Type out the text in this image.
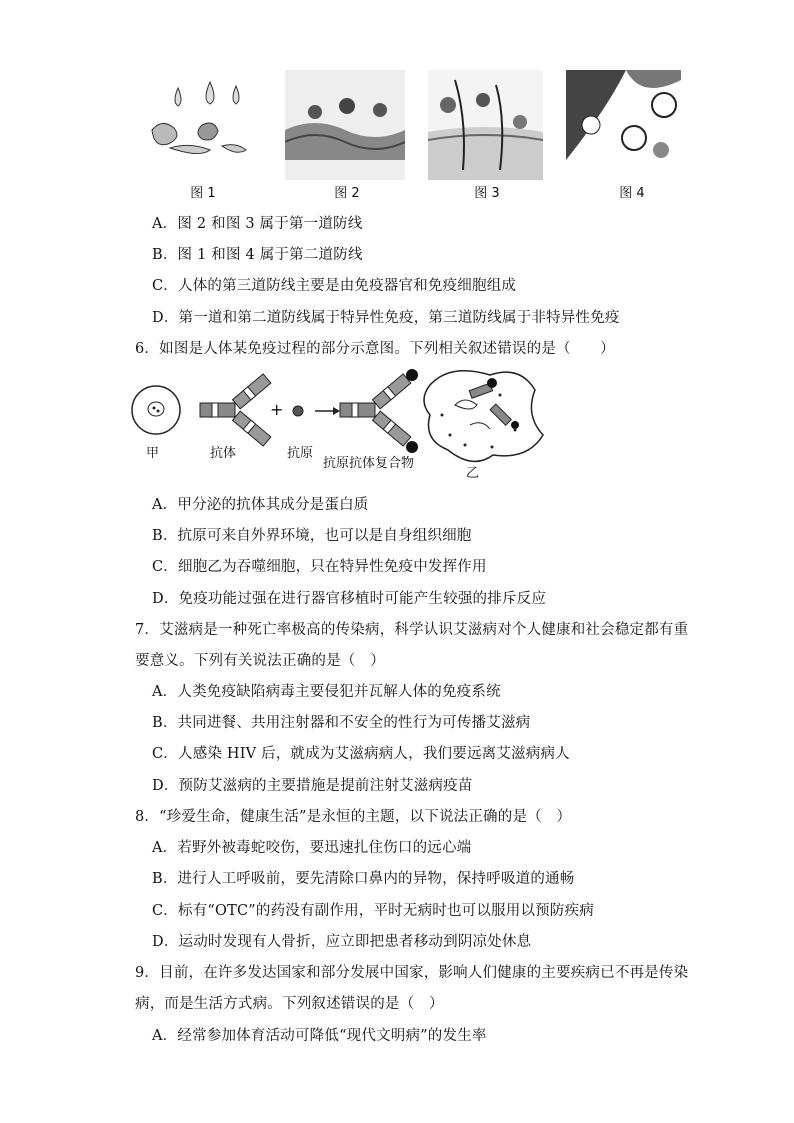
图 1	图 2	图 3	图 4
A．图 2 和图 3 属于第一道防线
B．图 1 和图 4 属于第二道防线
C．人体的第三道防线主要是由免疫器官和免疫细胞组成
D．第一道和第二道防线属于特异性免疫，第三道防线属于非特异性免疫
6．如图是人体某免疫过程的部分示意图。下列相关叙述错误的是（　　）
甲	抗体
+
抗原
抗原抗体复合物
乙
A．甲分泌的抗体其成分是蛋白质
B．抗原可来自外界环境，也可以是自身组织细胞
C．细胞乙为吞噬细胞，只在特异性免疫中发挥作用
D．免疫功能过强在进行器官移植时可能产生较强的排斥反应
7．艾滋病是一种死亡率极高的传染病，科学认识艾滋病对个人健康和社会稳定都有重
要意义。下列有关说法正确的是（　）
A．人类免疫缺陷病毒主要侵犯并瓦解人体的免疫系统
B．共同进餐、共用注射器和不安全的性行为可传播艾滋病
C．人感染 HIV 后，就成为艾滋病病人，我们要远离艾滋病病人
D．预防艾滋病的主要措施是提前注射艾滋病疫苗
8．“珍爱生命，健康生活”是永恒的主题，以下说法正确的是（　）
A．若野外被毒蛇咬伤，要迅速扎住伤口的远心端
B．进行人工呼吸前，要先清除口鼻内的异物，保持呼吸道的通畅
C．标有“OTC”的药没有副作用，平时无病时也可以服用以预防疾病
D．运动时发现有人骨折，应立即把患者移动到阴凉处休息
9．目前，在许多发达国家和部分发展中国家，影响人们健康的主要疾病已不再是传染
病，而是生活方式病。下列叙述错误的是（　）
A．经常参加体育活动可降低“现代文明病”的发生率
